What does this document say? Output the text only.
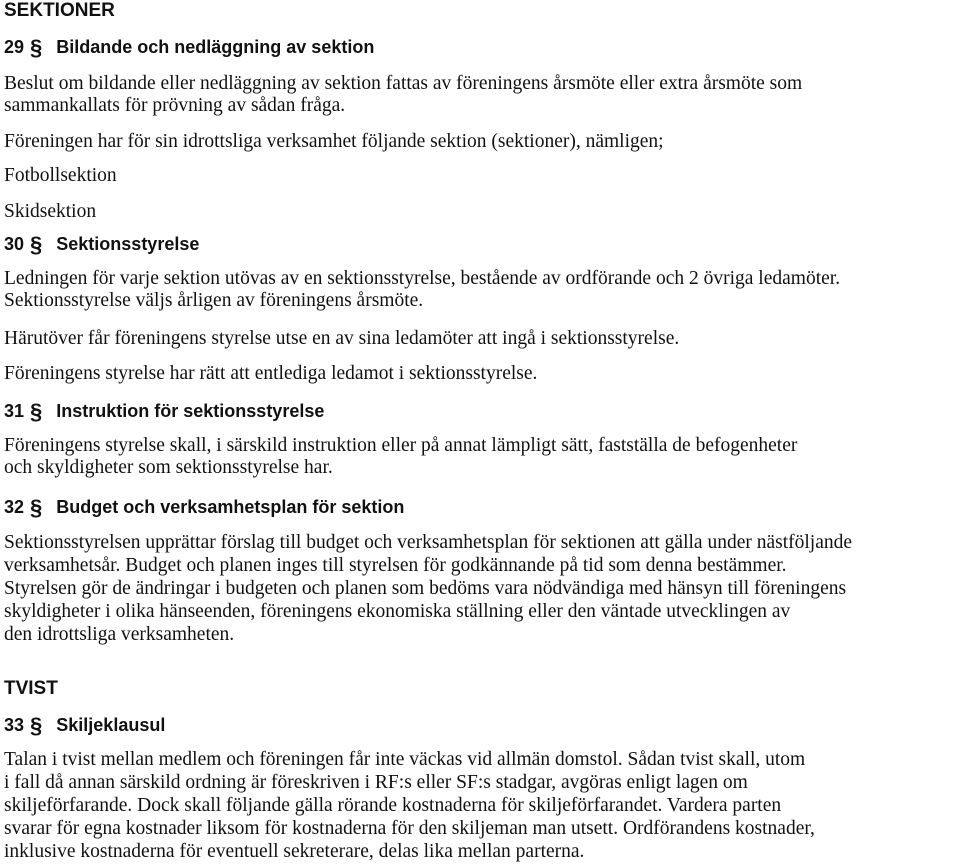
SEKTIONER
29 § Bildande och nedläggning av sektion
Beslut om bildande eller nedläggning av sektion fattas av föreningens årsmöte eller extra årsmöte som
sammankallats för prövning av sådan fråga.
Föreningen har för sin idrottsliga verksamhet följande sektion (sektioner), nämligen;
Fotbollsektion
Skidsektion
30 § Sektionsstyrelse
Ledningen för varje sektion utövas av en sektionsstyrelse, bestående av ordförande och 2 övriga ledamöter.
Sektionsstyrelse väljs årligen av föreningens årsmöte.
Härutöver får föreningens styrelse utse en av sina ledamöter att ingå i sektionsstyrelse.
Föreningens styrelse har rätt att entlediga ledamot i sektionsstyrelse.
31 § Instruktion för sektionsstyrelse
Föreningens styrelse skall, i särskild instruktion eller på annat lämpligt sätt, fastställa de befogenheter
och skyldigheter som sektionsstyrelse har.
32 § Budget och verksamhetsplan för sektion
Sektionsstyrelsen upprättar förslag till budget och verksamhetsplan för sektionen att gälla under nästföljande
verksamhetsår. Budget och planen inges till styrelsen för godkännande på tid som denna bestämmer.
Styrelsen gör de ändringar i budgeten och planen som bedöms vara nödvändiga med hänsyn till föreningens
skyldigheter i olika hänseenden, föreningens ekonomiska ställning eller den väntade utvecklingen av
den idrottsliga verksamheten.
TVIST
33 § Skiljeklausul
Talan i tvist mellan medlem och föreningen får inte väckas vid allmän domstol. Sådan tvist skall, utom
i fall då annan särskild ordning är föreskriven i RF:s eller SF:s stadgar, avgöras enligt lagen om
skiljeförfarande. Dock skall följande gälla rörande kostnaderna för skiljeförfarandet. Vardera parten
svarar för egna kostnader liksom för kostnaderna för den skiljeman man utsett. Ordförandens kostnader,
inklusive kostnaderna för eventuell sekreterare, delas lika mellan parterna.
